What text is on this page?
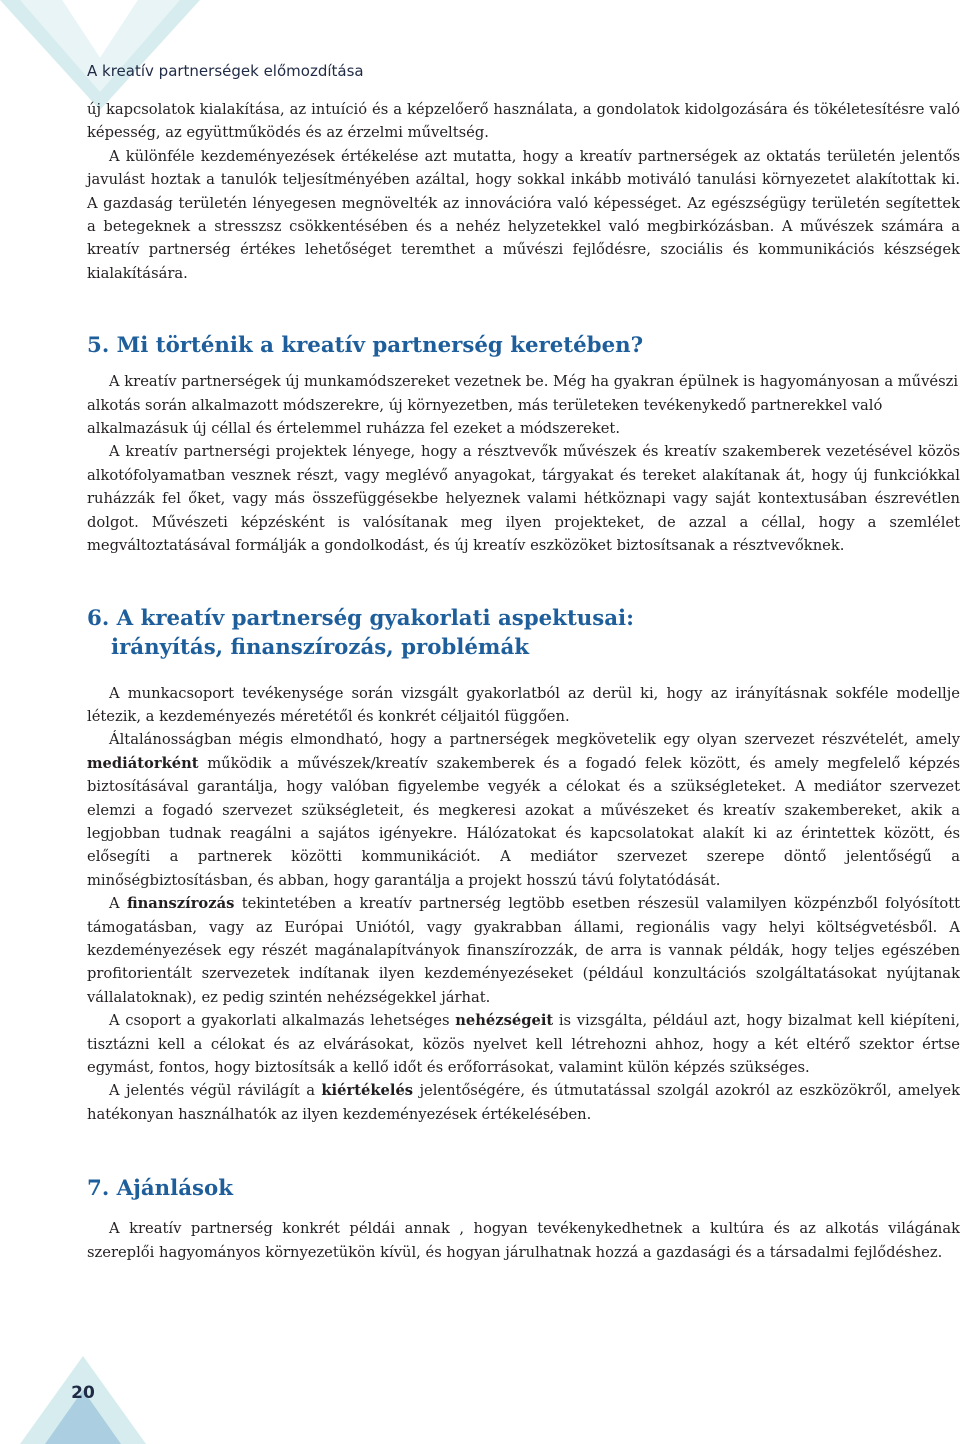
A kreatív partnerségek előmozdítása

új kapcsolatok kialakítása, az intuíció és a képzelőerő használata, a gondolatok kidolgozására és tökéletesítésre való képesség, az együttműködés és az érzelmi műveltség.

A különféle kezdeményezések értékelése azt mutatta, hogy a kreatív partnerségek az oktatás területén jelentős javulást hoztak a tanulók teljesítményében azáltal, hogy sokkal inkább motiváló tanulási környezetet alakítottak ki. A gazdaság területén lényegesen megnövelték az innovációra való képességet. Az egészségügy területén segítettek a betegeknek a stresszsz csökkentésében és a nehéz helyzetekkel való megbirkózásban. A művészek számára a kreatív partnerség értékes lehetőséget teremthet a művészi fejlődésre, szociális és kommunikációs készségek kialakítására.

5. Mi történik a kreatív partnerség keretében?

A kreatív partnerségek új munkamódszereket vezetnek be. Még ha gyakran épülnek is hagyományosan a művészi alkotás során alkalmazott módszerekre, új környezetben, más területeken tevékenykedő partnerekkel való alkalmazásuk új céllal és értelemmel ruházza fel ezeket a módszereket.

A kreatív partnerségi projektek lényege, hogy a résztvevők művészek és kreatív szakemberek vezetésével közös alkotófolyamatban vesznek részt, vagy meglévő anyagokat, tárgyakat és tereket alakítanak át, hogy új funkciókkal ruházzák fel őket, vagy más összefüggésekbe helyeznek valami hétköznapi vagy saját kontextusában észrevétlen dolgot. Művészeti képzésként is valósítanak meg ilyen projekteket, de azzal a céllal, hogy a szemlélet megváltoztatásával formálják a gondolkodást, és új kreatív eszközöket biztosítsanak a résztvevőknek.

6. A kreatív partnerség gyakorlati aspektusai:
irányítás, finanszírozás, problémák

A munkacsoport tevékenysége során vizsgált gyakorlatból az derül ki, hogy az irányításnak sokféle modellje létezik, a kezdeményezés méretétől és konkrét céljaitól függően.

Általánosságban mégis elmondható, hogy a partnerségek megkövetelik egy olyan szervezet részvételét, amely mediátorként működik a művészek/kreatív szakemberek és a fogadó felek között, és amely megfelelő képzés biztosításával garantálja, hogy valóban figyelembe vegyék a célokat és a szükségleteket. A mediátor szervezet elemzi a fogadó szervezet szükségleteit, és megkeresi azokat a művészeket és kreatív szakembereket, akik a legjobban tudnak reagálni a sajátos igényekre. Hálózatokat és kapcsolatokat alakít ki az érintettek között, és elősegíti a partnerek közötti kommunikációt. A mediátor szervezet szerepe döntő jelentőségű a minőségbiztosításban, és abban, hogy garantálja a projekt hosszú távú folytatódását.

A finanszírozás tekintetében a kreatív partnerség legtöbb esetben részesül valamilyen közpénzből folyósított támogatásban, vagy az Európai Uniótól, vagy gyakrabban állami, regionális vagy helyi költségvetésből. A kezdeményezések egy részét magánalapítványok finanszírozzák, de arra is vannak példák, hogy teljes egészében profitorientált szervezetek indítanak ilyen kezdeményezéseket (például konzultációs szolgáltatásokat nyújtanak vállalatoknak), ez pedig szintén nehézségekkel járhat.

A csoport a gyakorlati alkalmazás lehetséges nehézségeit is vizsgálta, például azt, hogy bizalmat kell kiépíteni, tisztázni kell a célokat és az elvárásokat, közös nyelvet kell létrehozni ahhoz, hogy a két eltérő szektor értse egymást, fontos, hogy biztosítsák a kellő időt és erőforrásokat, valamint külön képzés szükséges.

A jelentés végül rávilágít a kiértékelés jelentőségére, és útmutatással szolgál azokról az eszközökről, amelyek hatékonyan használhatók az ilyen kezdeményezések értékelésében.

7. Ajánlások

A kreatív partnerség konkrét példái annak , hogyan tevékenykedhetnek a kultúra és az alkotás világának szereplői hagyományos környezetükön kívül, és hogyan járulhatnak hozzá a gazdasági és a társadalmi fejlődéshez.

20
